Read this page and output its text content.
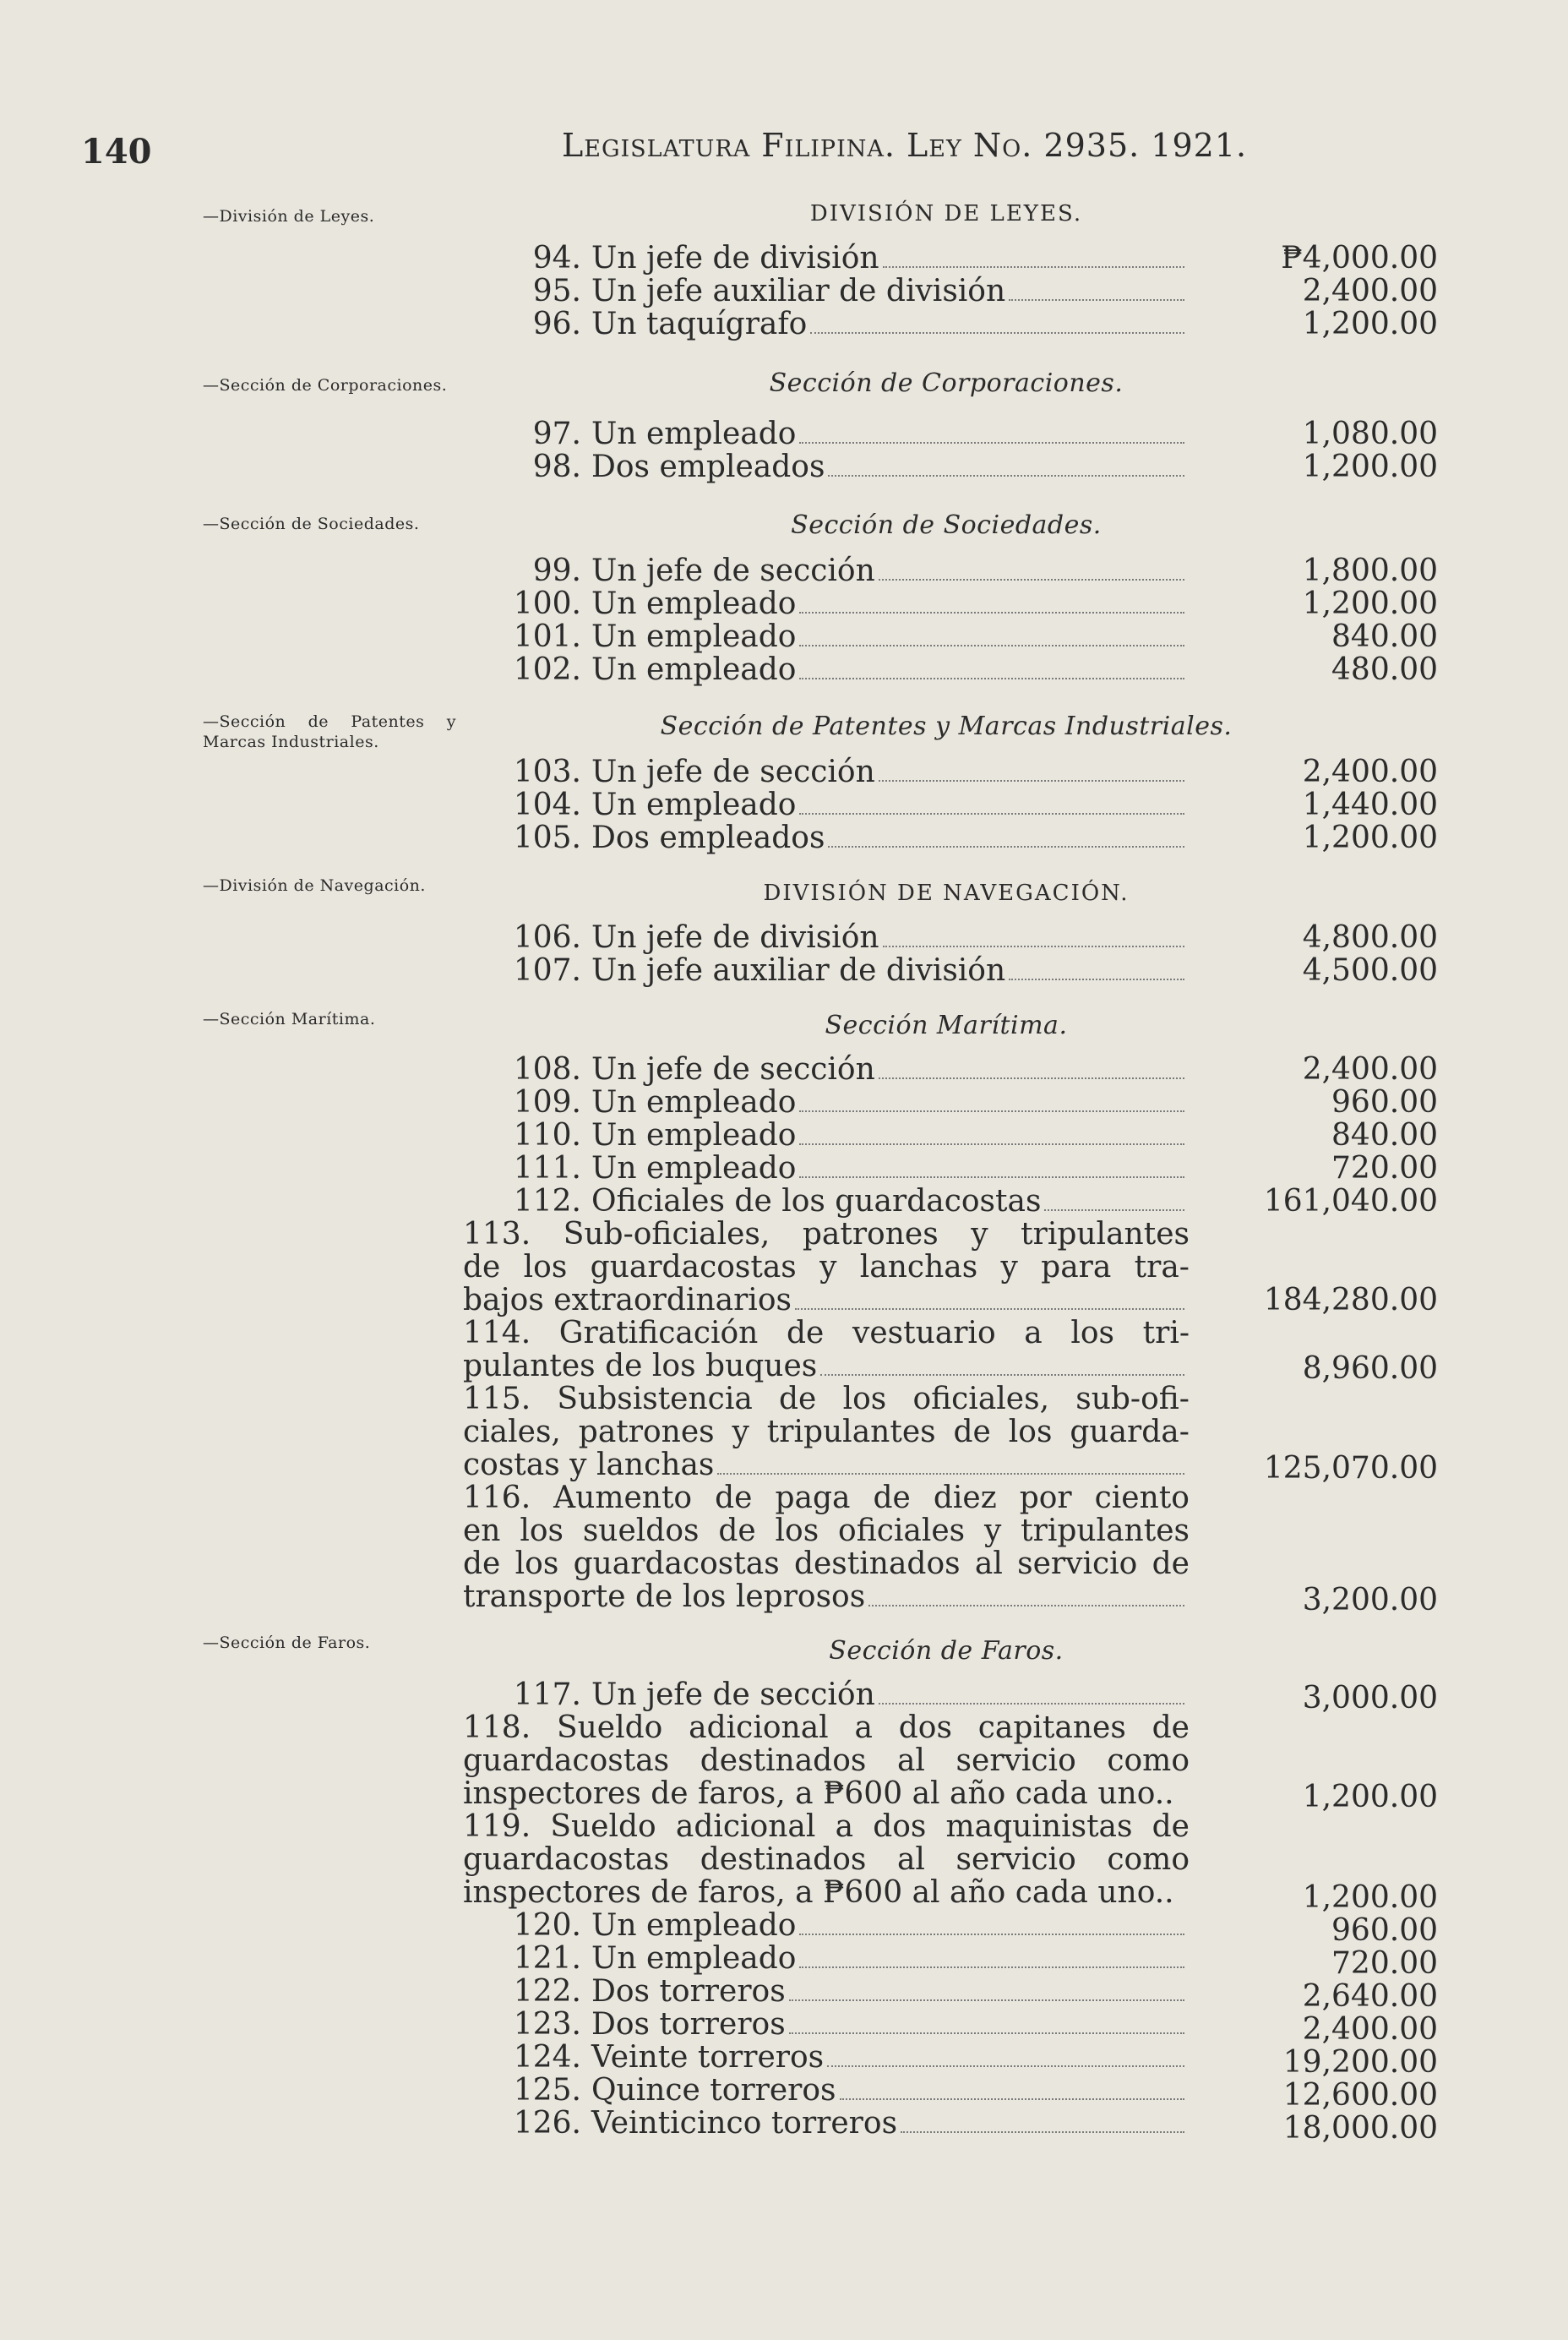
140	Legislatura Filipina. Ley No. 2935. 1921.
—División de Leyes.
—Sección de Corporaciones.
—Sección de Sociedades.
—Sección de Patentes y Marcas Industriales.
—División de Navegación.
—Sección Marítima.
—Sección de Faros.
DIVISIÓN DE LEYES.
Sección de Corporaciones.
Sección de Sociedades.
Sección de Patentes y Marcas Industriales.
DIVISIÓN DE NAVEGACIÓN.
Sección Marítima.
Sección de Faros.
94. Un jefe de división	₱4,000.00
95. Un jefe auxiliar de división	2,400.00
96. Un taquígrafo	1,200.00
97. Un empleado	1,080.00
98. Dos empleados	1,200.00
99. Un jefe de sección	1,800.00
100. Un empleado	1,200.00
101. Un empleado	840.00
102. Un empleado	480.00
103. Un jefe de sección	2,400.00
104. Un empleado	1,440.00
105. Dos empleados	1,200.00
106. Un jefe de división	4,800.00
107. Un jefe auxiliar de división	4,500.00
108. Un jefe de sección	2,400.00
109. Un empleado	960.00
110. Un empleado	840.00
111. Un empleado	720.00
112. Oficiales de los guardacostas	161,040.00
113. Sub-oficiales, patrones y tripulantes
de los guardacostas y lanchas y para tra-
bajos extraordinarios	184,280.00
114. Gratificación de vestuario a los tri-
pulantes de los buques	8,960.00
115. Subsistencia de los oficiales, sub-ofi-
ciales, patrones y tripulantes de los guarda-
costas y lanchas	125,070.00
116. Aumento de paga de diez por ciento
en los sueldos de los oficiales y tripulantes
de los guardacostas destinados al servicio de
transporte de los leprosos	3,200.00
117. Un jefe de sección	3,000.00
118. Sueldo adicional a dos capitanes de
guardacostas destinados al servicio como
inspectores de faros, a ₱600 al año cada uno..	1,200.00
119. Sueldo adicional a dos maquinistas de
guardacostas destinados al servicio como
inspectores de faros, a ₱600 al año cada uno..	1,200.00
120. Un empleado	960.00
121. Un empleado	720.00
122. Dos torreros	2,640.00
123. Dos torreros	2,400.00
124. Veinte torreros	19,200.00
125. Quince torreros	12,600.00
126. Veinticinco torreros	18,000.00
